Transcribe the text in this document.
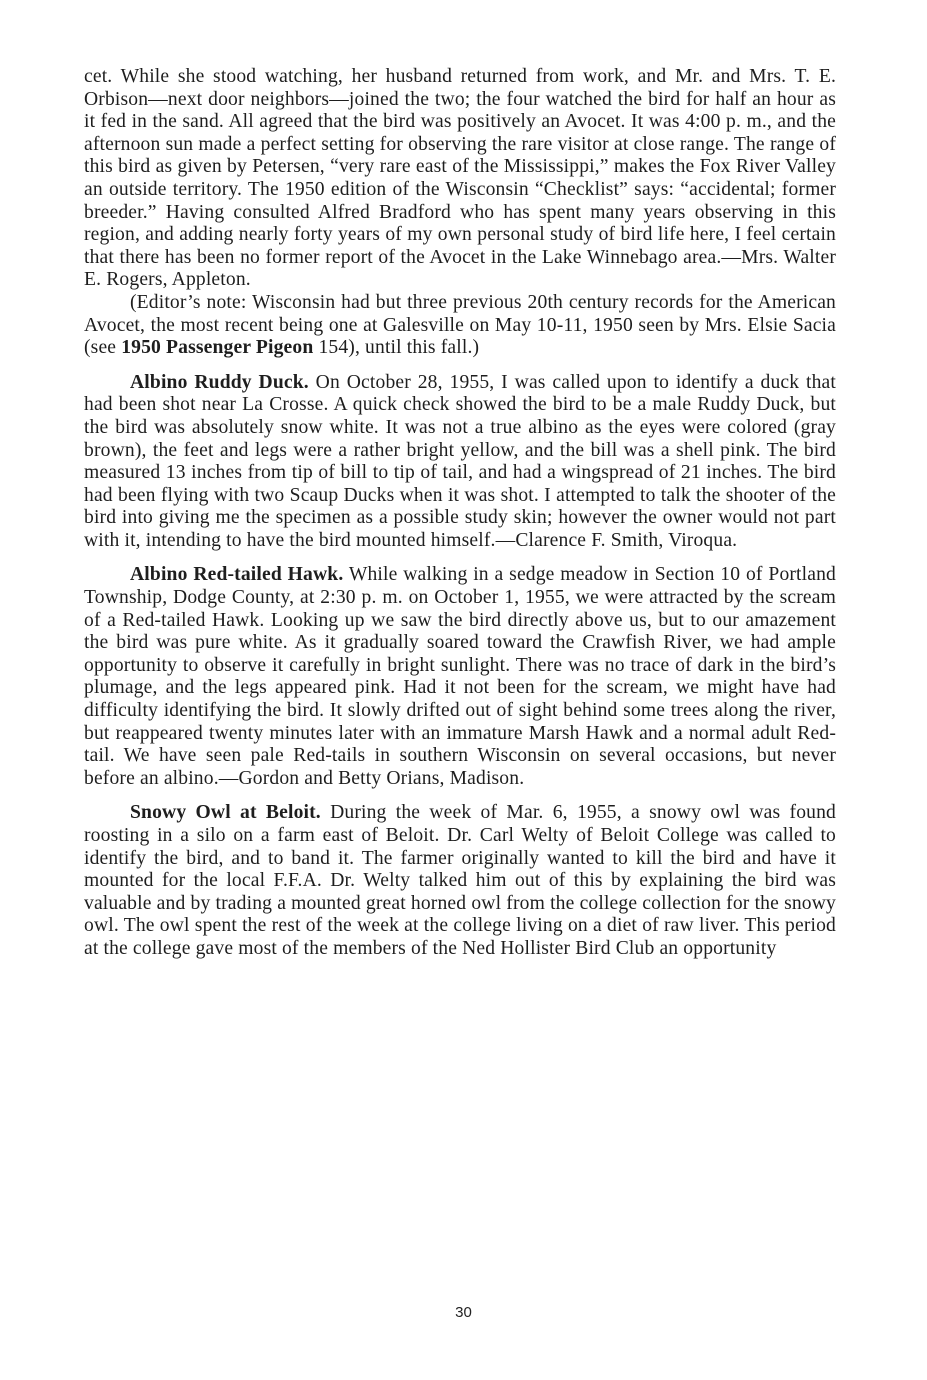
cet. While she stood watching, her husband returned from work, and Mr. and Mrs. T. E. Orbison—next door neighbors—joined the two; the four watched the bird for half an hour as it fed in the sand. All agreed that the bird was positively an Avocet. It was 4:00 p. m., and the afternoon sun made a perfect setting for observing the rare visitor at close range. The range of this bird as given by Petersen, “very rare east of the Mississippi,” makes the Fox River Valley an outside territory. The 1950 edition of the Wisconsin “Checklist” says: “accidental; former breeder.” Having consulted Alfred Bradford who has spent many years observing in this region, and adding nearly forty years of my own personal study of bird life here, I feel certain that there has been no former report of the Avocet in the Lake Winnebago area.—Mrs. Walter E. Rogers, Appleton.

(Editor’s note: Wisconsin had but three previous 20th century records for the American Avocet, the most recent being one at Galesville on May 10-11, 1950 seen by Mrs. Elsie Sacia (see 1950 Passenger Pigeon 154), until this fall.)

Albino Ruddy Duck. On October 28, 1955, I was called upon to identify a duck that had been shot near La Crosse. A quick check showed the bird to be a male Ruddy Duck, but the bird was absolutely snow white. It was not a true albino as the eyes were colored (gray brown), the feet and legs were a rather bright yellow, and the bill was a shell pink. The bird measured 13 inches from tip of bill to tip of tail, and had a wingspread of 21 inches. The bird had been flying with two Scaup Ducks when it was shot. I attempted to talk the shooter of the bird into giving me the specimen as a possible study skin; however the owner would not part with it, intending to have the bird mounted himself.—Clarence F. Smith, Viroqua.

Albino Red-tailed Hawk. While walking in a sedge meadow in Section 10 of Portland Township, Dodge County, at 2:30 p. m. on October 1, 1955, we were attracted by the scream of a Red-tailed Hawk. Looking up we saw the bird directly above us, but to our amazement the bird was pure white. As it gradually soared toward the Crawfish River, we had ample opportunity to observe it carefully in bright sunlight. There was no trace of dark in the bird’s plumage, and the legs appeared pink. Had it not been for the scream, we might have had difficulty identifying the bird. It slowly drifted out of sight behind some trees along the river, but reappeared twenty minutes later with an immature Marsh Hawk and a normal adult Red-tail. We have seen pale Red-tails in southern Wisconsin on several occasions, but never before an albino.—Gordon and Betty Orians, Madison.

Snowy Owl at Beloit. During the week of Mar. 6, 1955, a snowy owl was found roosting in a silo on a farm east of Beloit. Dr. Carl Welty of Beloit College was called to identify the bird, and to band it. The farmer originally wanted to kill the bird and have it mounted for the local F.F.A. Dr. Welty talked him out of this by explaining the bird was valuable and by trading a mounted great horned owl from the college collection for the snowy owl. The owl spent the rest of the week at the college living on a diet of raw liver. This period at the college gave most of the members of the Ned Hollister Bird Club an opportunity

30
